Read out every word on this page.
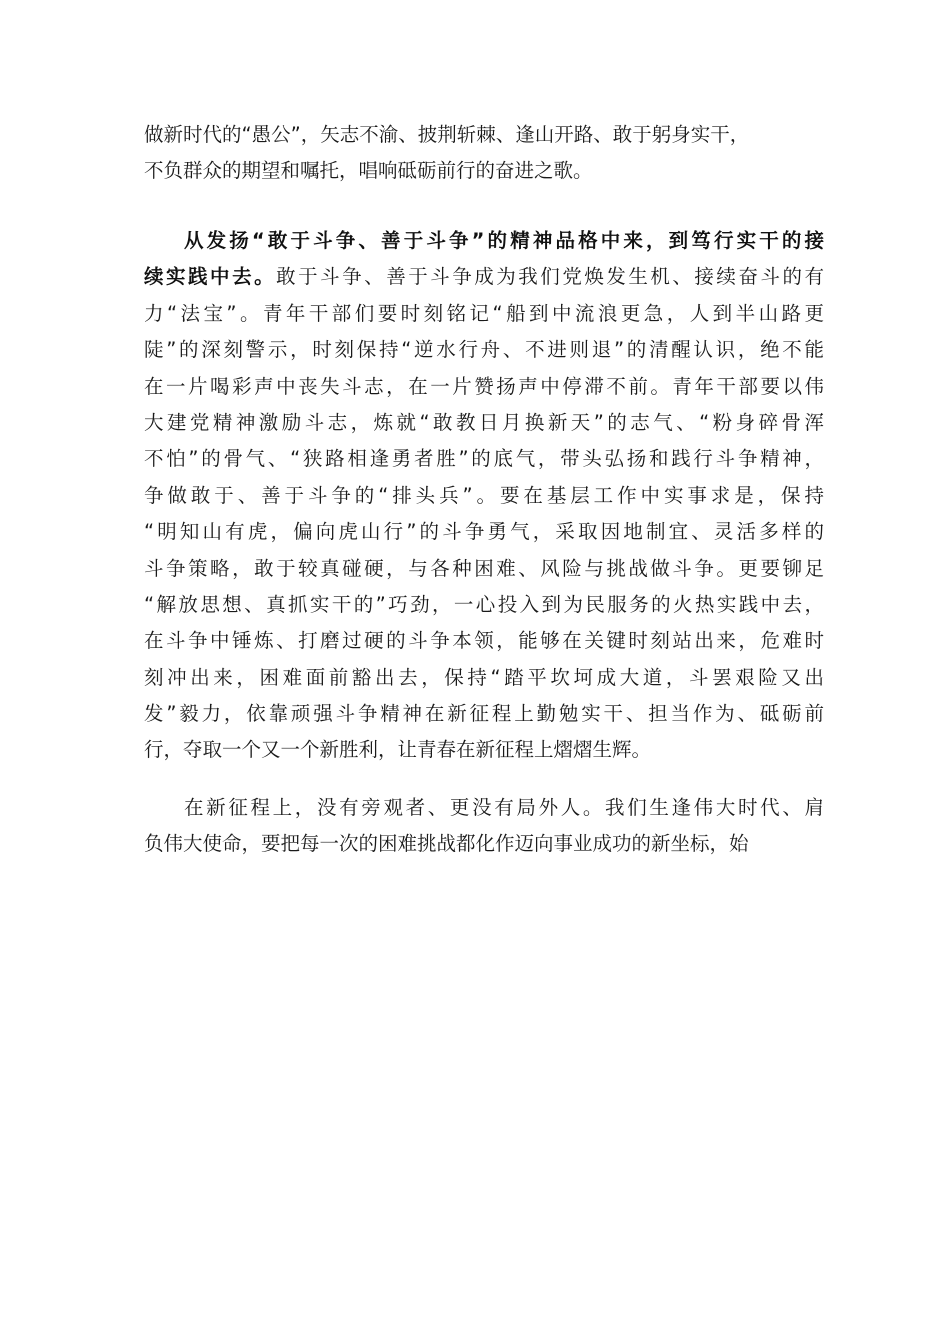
做新时代的“愚公”，矢志不渝、披荆斩棘、逢山开路、敢于躬身实干，
不负群众的期望和嘱托，唱响砥砺前行的奋进之歌。
从发扬“敢于斗争、善于斗争”的精神品格中来，到笃行实干的接
续实践中去。敢于斗争、善于斗争成为我们党焕发生机、接续奋斗的有
力“法宝”。青年干部们要时刻铭记“船到中流浪更急，人到半山路更
陡”的深刻警示，时刻保持“逆水行舟、不进则退”的清醒认识，绝不能
在一片喝彩声中丧失斗志，在一片赞扬声中停滞不前。青年干部要以伟
大建党精神激励斗志，炼就“敢教日月换新天”的志气、“粉身碎骨浑
不怕”的骨气、“狭路相逢勇者胜”的底气，带头弘扬和践行斗争精神，
争做敢于、善于斗争的“排头兵”。要在基层工作中实事求是，保持
“明知山有虎，偏向虎山行”的斗争勇气，采取因地制宜、灵活多样的
斗争策略，敢于较真碰硬，与各种困难、风险与挑战做斗争。更要铆足
“解放思想、真抓实干的”巧劲，一心投入到为民服务的火热实践中去，
在斗争中锤炼、打磨过硬的斗争本领，能够在关键时刻站出来，危难时
刻冲出来，困难面前豁出去，保持“踏平坎坷成大道，斗罢艰险又出
发”毅力，依靠顽强斗争精神在新征程上勤勉实干、担当作为、砥砺前
行，夺取一个又一个新胜利，让青春在新征程上熠熠生辉。
在新征程上，没有旁观者、更没有局外人。我们生逢伟大时代、肩
负伟大使命，要把每一次的困难挑战都化作迈向事业成功的新坐标，始
